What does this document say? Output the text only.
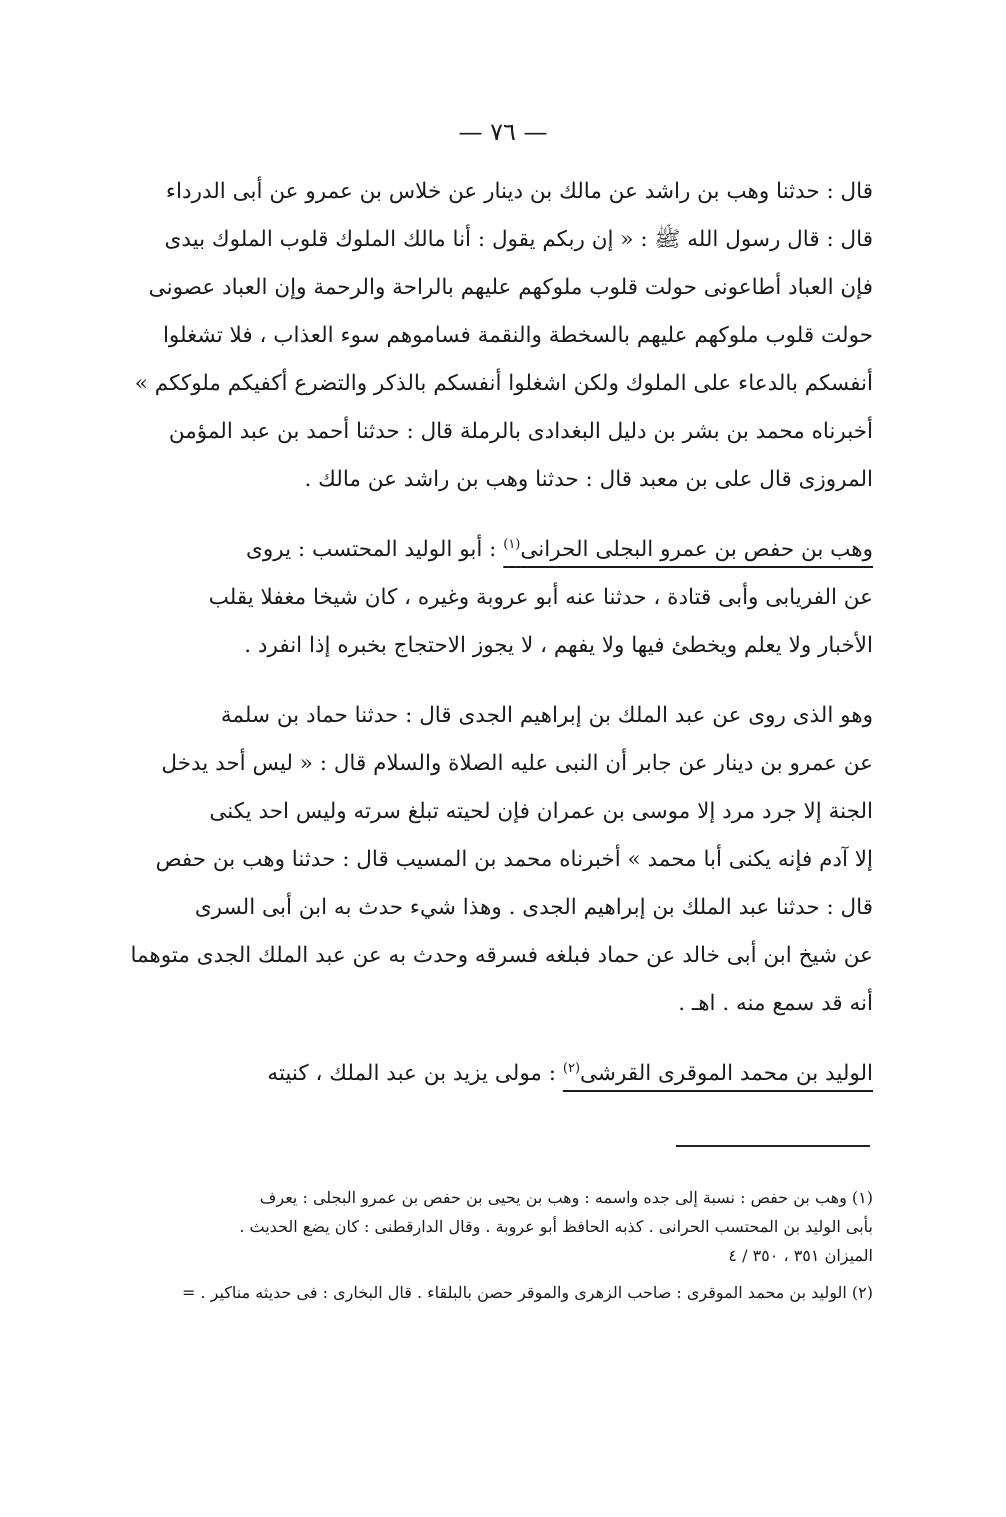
— ٧٦ —
قال : حدثنا وهب بن راشد عن مالك بن دينار عن خلاس بن عمرو عن أبى الدرداء
قال : قال رسول الله ﷺ : « إن ربكم يقول : أنا مالك الملوك قلوب الملوك بيدى
فإن العباد أطاعونى حولت قلوب ملوكهم عليهم بالراحة والرحمة وإن العباد عصونى
حولت قلوب ملوكهم عليهم بالسخطة والنقمة فساموهم سوء العذاب ، فلا تشغلوا
أنفسكم بالدعاء على الملوك ولكن اشغلوا أنفسكم بالذكر والتضرع أكفيكم ملوككم »
أخبرناه محمد بن بشر بن دليل البغدادى بالرملة قال : حدثنا أحمد بن عبد المؤمن
المروزى قال على بن معبد قال : حدثنا وهب بن راشد عن مالك .
وهب بن حفص بن عمرو البجلى الحرانى$^{(١)}$ : أبو الوليد المحتسب : يروى
عن الفريابى وأبى قتادة ، حدثنا عنه أبو عروبة وغيره ، كان شيخا مغفلا يقلب
الأخبار ولا يعلم ويخطئ فيها ولا يفهم ، لا يجوز الاحتجاج بخبره إذا انفرد .
وهو الذى روى عن عبد الملك بن إبراهيم الجدى قال : حدثنا حماد بن سلمة
عن عمرو بن دينار عن جابر أن النبى عليه الصلاة والسلام قال : « ليس أحد يدخل
الجنة إلا جرد مرد إلا موسى بن عمران فإن لحيته تبلغ سرته وليس احد يكنى
إلا آدم فإنه يكنى أبا محمد » أخبرناه محمد بن المسيب قال : حدثنا وهب بن حفص
قال : حدثنا عبد الملك بن إبراهيم الجدى . وهذا شيء حدث به ابن أبى السرى
عن شيخ ابن أبى خالد عن حماد فبلغه فسرقه وحدث به عن عبد الملك الجدى متوهما
أنه قد سمع منه . اهـ .
الوليد بن محمد الموقرى القرشى$^{(٢)}$ : مولى يزيد بن عبد الملك ، كنيته
(١) وهب بن حفص : نسبة إلى جده واسمه : وهب بن يحيى بن حفص بن عمرو البجلى : يعرف
بأبى الوليد بن المحتسب الحرانى . كذبه الحافظ أبو عروبة . وقال الدارقطنى : كان يضع الحديث .
الميزان ٣٥١ ، ٣٥٠ / ٤
(٢) الوليد بن محمد الموقرى : صاحب الزهرى والموقر حصن بالبلقاء . قال البخارى : فى حديثه مناكير . =
